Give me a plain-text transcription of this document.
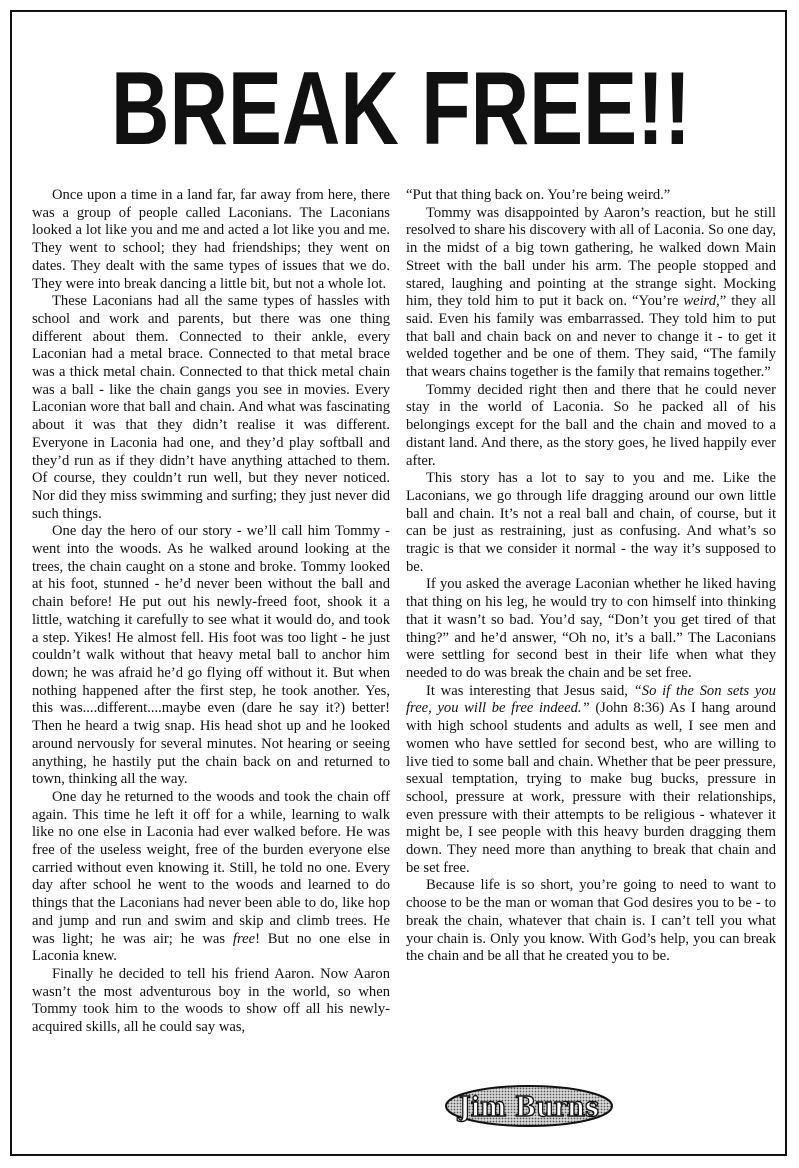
BREAK FREE!!

Once upon a time in a land far, far away from here, there was a group of people called Laconians. The Laconians looked a lot like you and me and acted a lot like you and me. They went to school; they had friendships; they went on dates. They dealt with the same types of issues that we do. They were into break dancing a little bit, but not a whole lot.

These Laconians had all the same types of hassles with school and work and parents, but there was one thing different about them. Connected to their ankle, every Laconian had a metal brace. Connected to that metal brace was a thick metal chain. Connected to that thick metal chain was a ball - like the chain gangs you see in movies. Every Laconian wore that ball and chain. And what was fascinating about it was that they didn’t realise it was different. Everyone in Laconia had one, and they’d play softball and they’d run as if they didn’t have anything attached to them. Of course, they couldn’t run well, but they never noticed. Nor did they miss swimming and surfing; they just never did such things.

One day the hero of our story - we’ll call him Tommy - went into the woods. As he walked around looking at the trees, the chain caught on a stone and broke. Tommy looked at his foot, stunned - he’d never been without the ball and chain before! He put out his newly-freed foot, shook it a little, watching it carefully to see what it would do, and took a step. Yikes! He almost fell. His foot was too light - he just couldn’t walk without that heavy metal ball to anchor him down; he was afraid he’d go flying off without it. But when nothing happened after the first step, he took another. Yes, this was....different....maybe even (dare he say it?) better! Then he heard a twig snap. His head shot up and he looked around nervously for several minutes. Not hearing or seeing anything, he hastily put the chain back on and returned to town, thinking all the way.

One day he returned to the woods and took the chain off again. This time he left it off for a while, learning to walk like no one else in Laconia had ever walked before. He was free of the useless weight, free of the burden everyone else carried without even knowing it. Still, he told no one. Every day after school he went to the woods and learned to do things that the Laconians had never been able to do, like hop and jump and run and swim and skip and climb trees. He was light; he was air; he was free! But no one else in Laconia knew.

Finally he decided to tell his friend Aaron. Now Aaron wasn’t the most adventurous boy in the world, so when Tommy took him to the woods to show off all his newly-acquired skills, all he could say was,

“Put that thing back on. You’re being weird.”

Tommy was disappointed by Aaron’s reaction, but he still resolved to share his discovery with all of Laconia. So one day, in the midst of a big town gathering, he walked down Main Street with the ball under his arm. The people stopped and stared, laughing and pointing at the strange sight. Mocking him, they told him to put it back on. “You’re weird,” they all said. Even his family was embarrassed. They told him to put that ball and chain back on and never to change it - to get it welded together and be one of them. They said, “The family that wears chains together is the family that remains together.”

Tommy decided right then and there that he could never stay in the world of Laconia. So he packed all of his belongings except for the ball and the chain and moved to a distant land. And there, as the story goes, he lived happily ever after.

This story has a lot to say to you and me. Like the Laconians, we go through life dragging around our own little ball and chain. It’s not a real ball and chain, of course, but it can be just as restraining, just as confusing. And what’s so tragic is that we consider it normal - the way it’s supposed to be.

If you asked the average Laconian whether he liked having that thing on his leg, he would try to con himself into thinking that it wasn’t so bad. You’d say, “Don’t you get tired of that thing?” and he’d answer, “Oh no, it’s a ball.” The Laconians were settling for second best in their life when what they needed to do was break the chain and be set free.

It was interesting that Jesus said, “So if the Son sets you free, you will be free indeed.” (John 8:36) As I hang around with high school students and adults as well, I see men and women who have settled for second best, who are willing to live tied to some ball and chain. Whether that be peer pressure, sexual temptation, trying to make bug bucks, pressure in school, pressure at work, pressure with their relationships, even pressure with their attempts to be religious - whatever it might be, I see people with this heavy burden dragging them down. They need more than anything to break that chain and be set free.

Because life is so short, you’re going to need to want to choose to be the man or woman that God desires you to be - to break the chain, whatever that chain is. I can’t tell you what your chain is. Only you know. With God’s help, you can break the chain and be all that he created you to be.

Jim Burns
